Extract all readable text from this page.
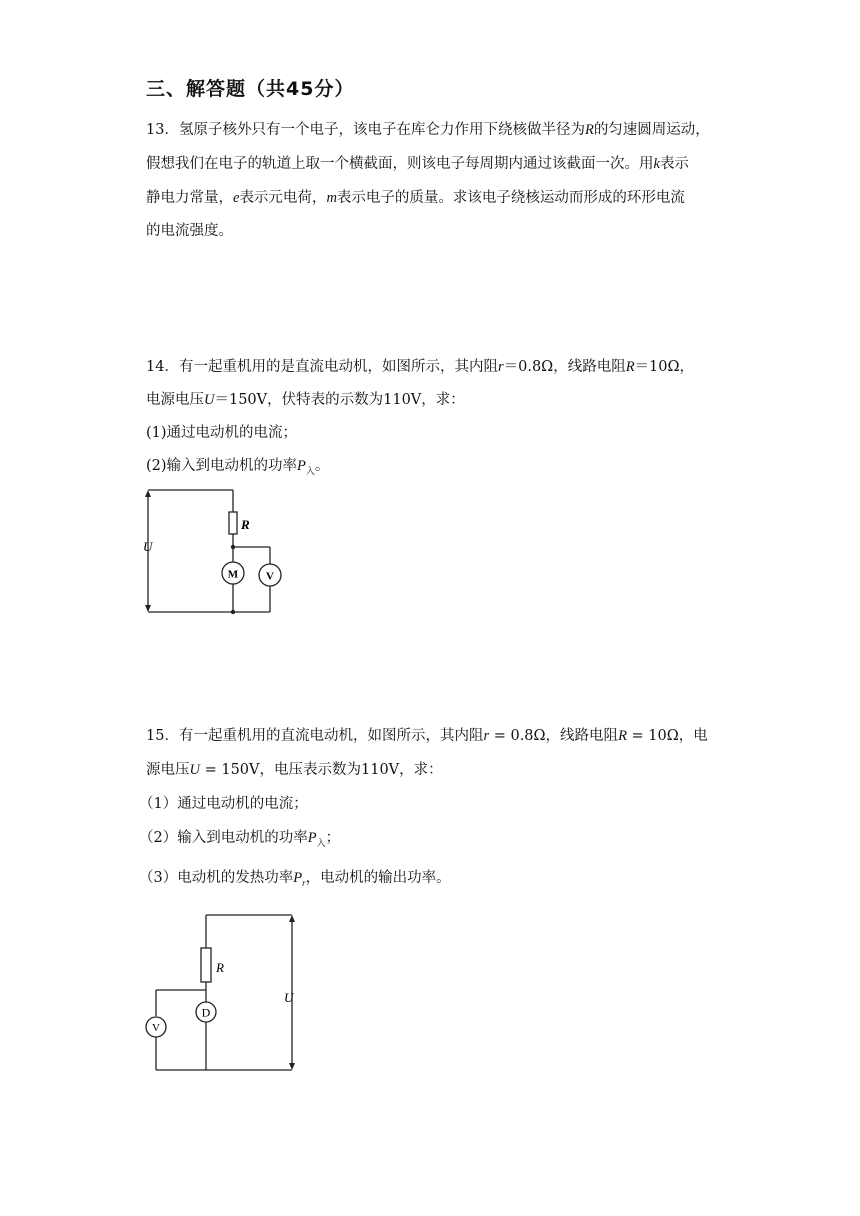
三、解答题（共45分）
13．氢原子核外只有一个电子，该电子在库仑力作用下绕核做半径为R的匀速圆周运动，
假想我们在电子的轨道上取一个横截面，则该电子每周期内通过该截面一次。用k表示
静电力常量，e表示元电荷，m表示电子的质量。求该电子绕核运动而形成的环形电流
的电流强度。
14．有一起重机用的是直流电动机，如图所示，其内阻r＝0.8Ω，线路电阻R＝10Ω，
电源电压U＝150V，伏特表的示数为110V，求：
(1)通过电动机的电流；
(2)输入到电动机的功率$P_入$。
R
U
M	V
15．有一起重机用的直流电动机，如图所示，其内阻r = 0.8Ω，线路电阻R = 10Ω，电
源电压U = 150V，电压表示数为110V，求：
（1）通过电动机的电流；
（2）输入到电动机的功率$P_入$；
（3）电动机的发热功率$P_r$，电动机的输出功率。
R
U
D
V
